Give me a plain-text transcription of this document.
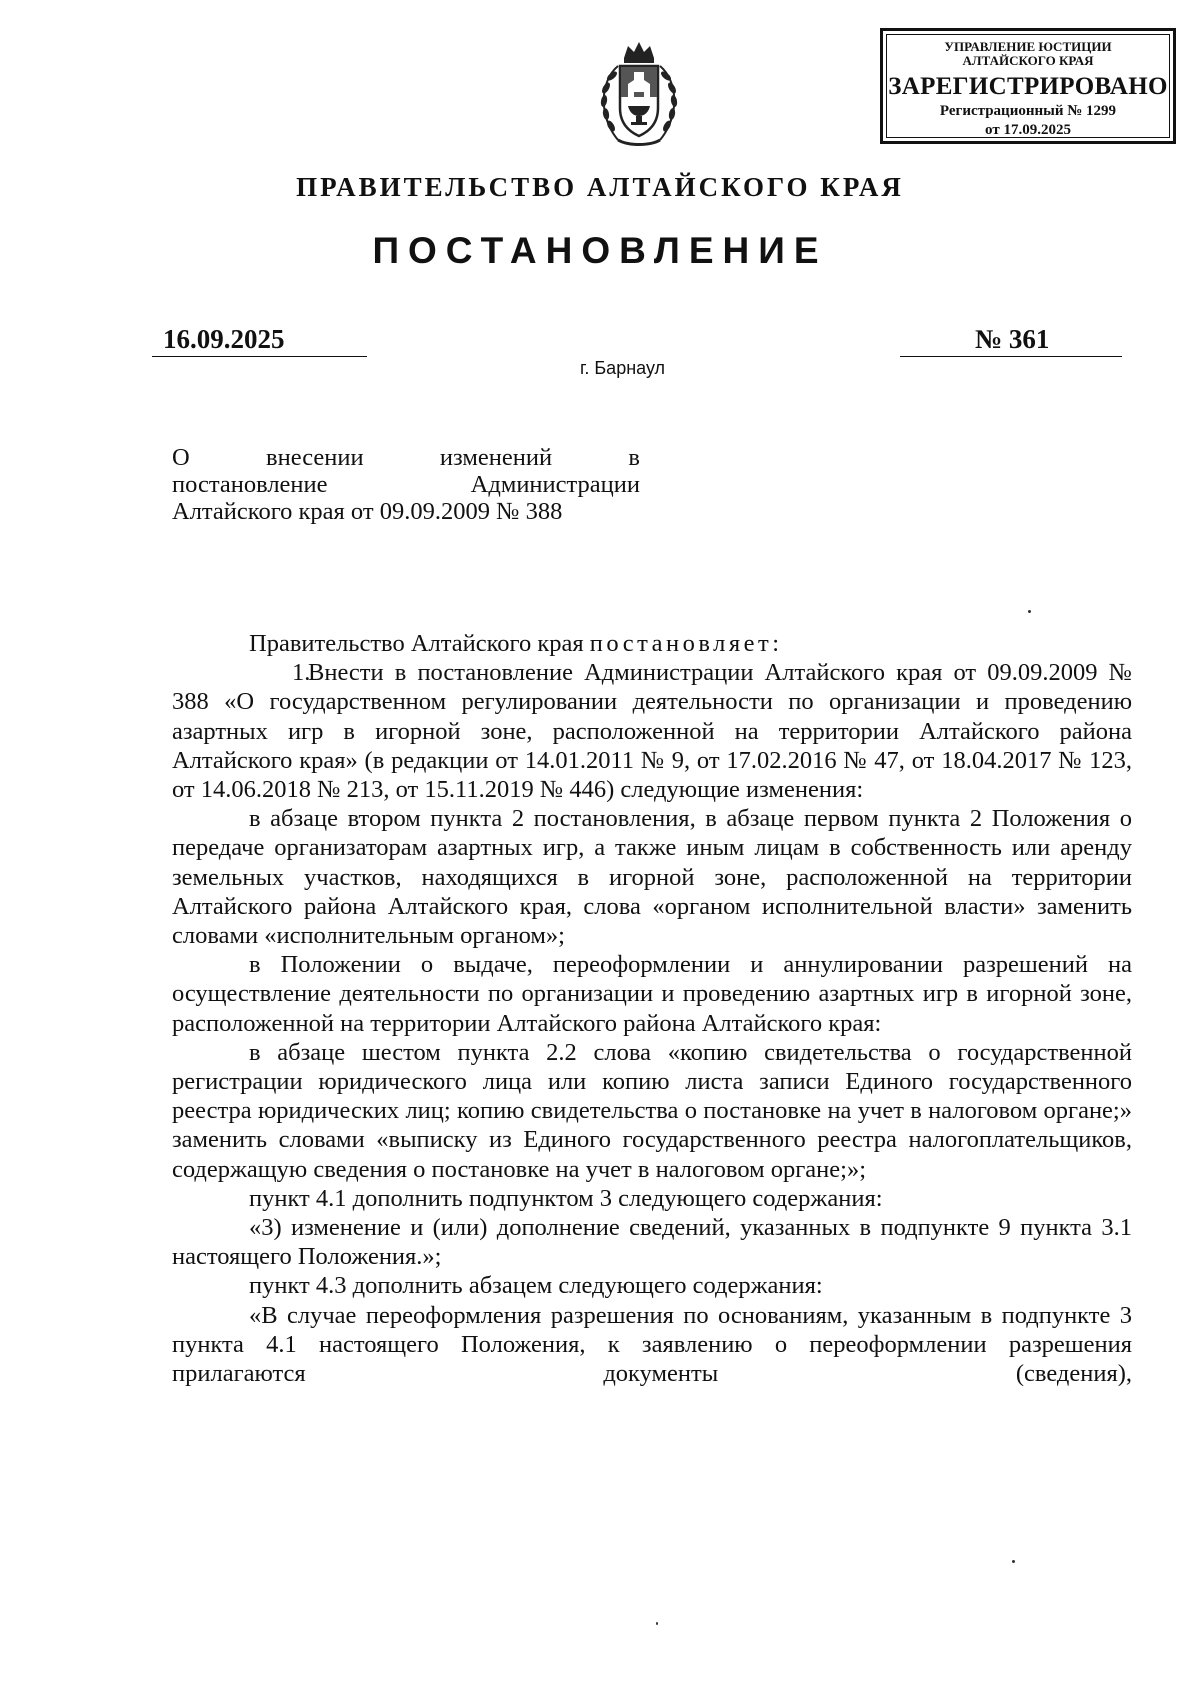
УПРАВЛЕНИЕ ЮСТИЦИИ
АЛТАЙСКОГО КРАЯ
ЗАРЕГИСТРИРОВАНО
Регистрационный № 1299
от 17.09.2025
ПРАВИТЕЛЬСТВО АЛТАЙСКОГО КРАЯ
ПОСТАНОВЛЕНИЕ
16.09.2025	№ 361
г. Барнаул
О внесении изменений в
постановление Администрации
Алтайского края от 09.09.2009 № 388

Правительство Алтайского края постановляет:

1.Внести в постановление Администрации Алтайского края от 09.09.2009 № 388 «О государственном регулировании деятельности по организации и проведению азартных игр в игорной зоне, расположенной на территории Алтайского района Алтайского края» (в редакции от 14.01.2011 № 9, от 17.02.2016 № 47, от 18.04.2017 № 123, от 14.06.2018 № 213, от 15.11.2019 № 446) следующие изменения:

в абзаце втором пункта 2 постановления, в абзаце первом пункта 2 Положения о передаче организаторам азартных игр, а также иным лицам в собственность или аренду земельных участков, находящихся в игорной зоне, расположенной на территории Алтайского района Алтайского края, слова «органом исполнительной власти» заменить словами «исполнительным органом»;

в Положении о выдаче, переоформлении и аннулировании разрешений на осуществление деятельности по организации и проведению азартных игр в игорной зоне, расположенной на территории Алтайского района Алтайского края:

в абзаце шестом пункта 2.2 слова «копию свидетельства о государственной регистрации юридического лица или копию листа записи Единого государственного реестра юридических лиц; копию свидетельства о постановке на учет в налоговом органе;» заменить словами «выписку из Единого государственного реестра налогоплательщиков, содержащую сведения о постановке на учет в налоговом органе;»;

пункт 4.1 дополнить подпунктом 3 следующего содержания:

«3) изменение и (или) дополнение сведений, указанных в подпункте 9 пункта 3.1 настоящего Положения.»;

пункт 4.3 дополнить абзацем следующего содержания:

«В случае переоформления разрешения по основаниям, указанным в подпункте 3 пункта 4.1 настоящего Положения, к заявлению о переоформлении разрешения прилагаются документы (сведения),
